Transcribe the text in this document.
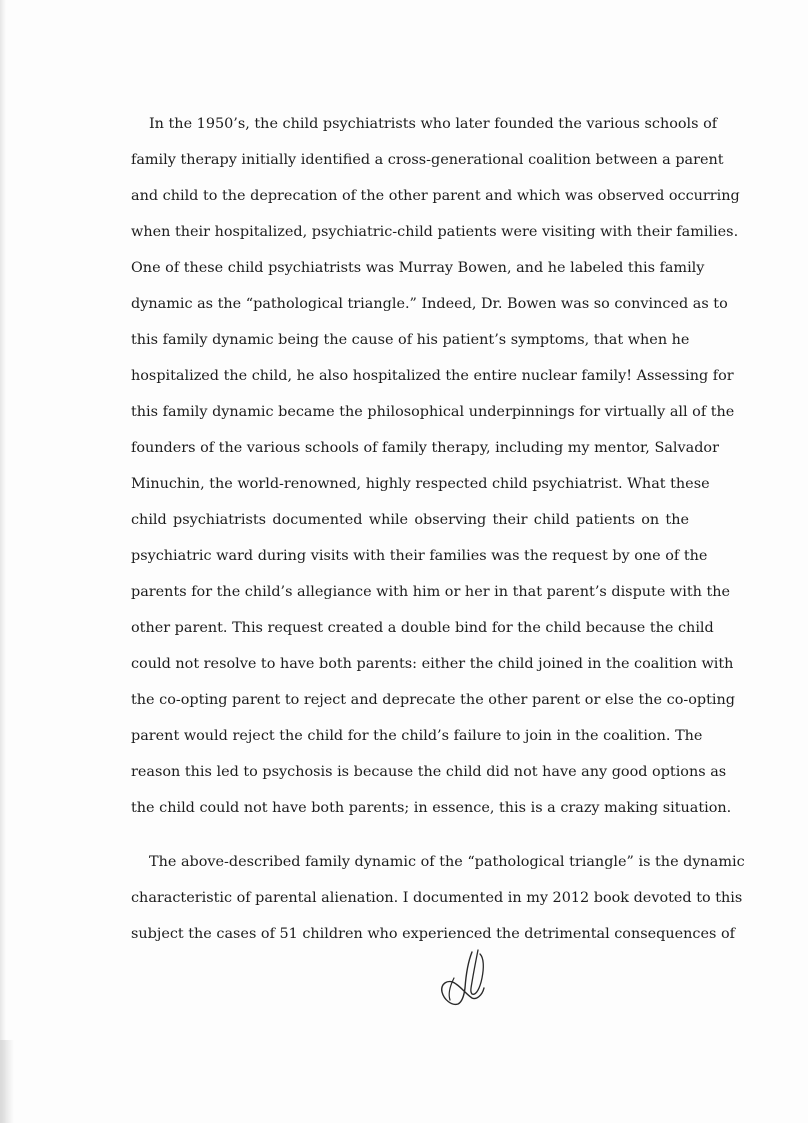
In the 1950’s, the child psychiatrists who later founded the various schools of
family therapy initially identified a cross-generational coalition between a parent
and child to the deprecation of the other parent and which was observed occurring
when their hospitalized, psychiatric-child patients were visiting with their families.
One of these child psychiatrists was Murray Bowen, and he labeled this family
dynamic as the “pathological triangle.” Indeed, Dr. Bowen was so convinced as to
this family dynamic being the cause of his patient’s symptoms, that when he
hospitalized the child, he also hospitalized the entire nuclear family! Assessing for
this family dynamic became the philosophical underpinnings for virtually all of the
founders of the various schools of family therapy, including my mentor, Salvador
Minuchin, the world-renowned, highly respected child psychiatrist. What these
child psychiatrists documented while observing their child patients on the
psychiatric ward during visits with their families was the request by one of the
parents for the child’s allegiance with him or her in that parent’s dispute with the
other parent. This request created a double bind for the child because the child
could not resolve to have both parents: either the child joined in the coalition with
the co-opting parent to reject and deprecate the other parent or else the co-opting
parent would reject the child for the child’s failure to join in the coalition. The
reason this led to psychosis is because the child did not have any good options as
the child could not have both parents; in essence, this is a crazy making situation.
The above-described family dynamic of the “pathological triangle” is the dynamic
characteristic of parental alienation. I documented in my 2012 book devoted to this
subject the cases of 51 children who experienced the detrimental consequences of
